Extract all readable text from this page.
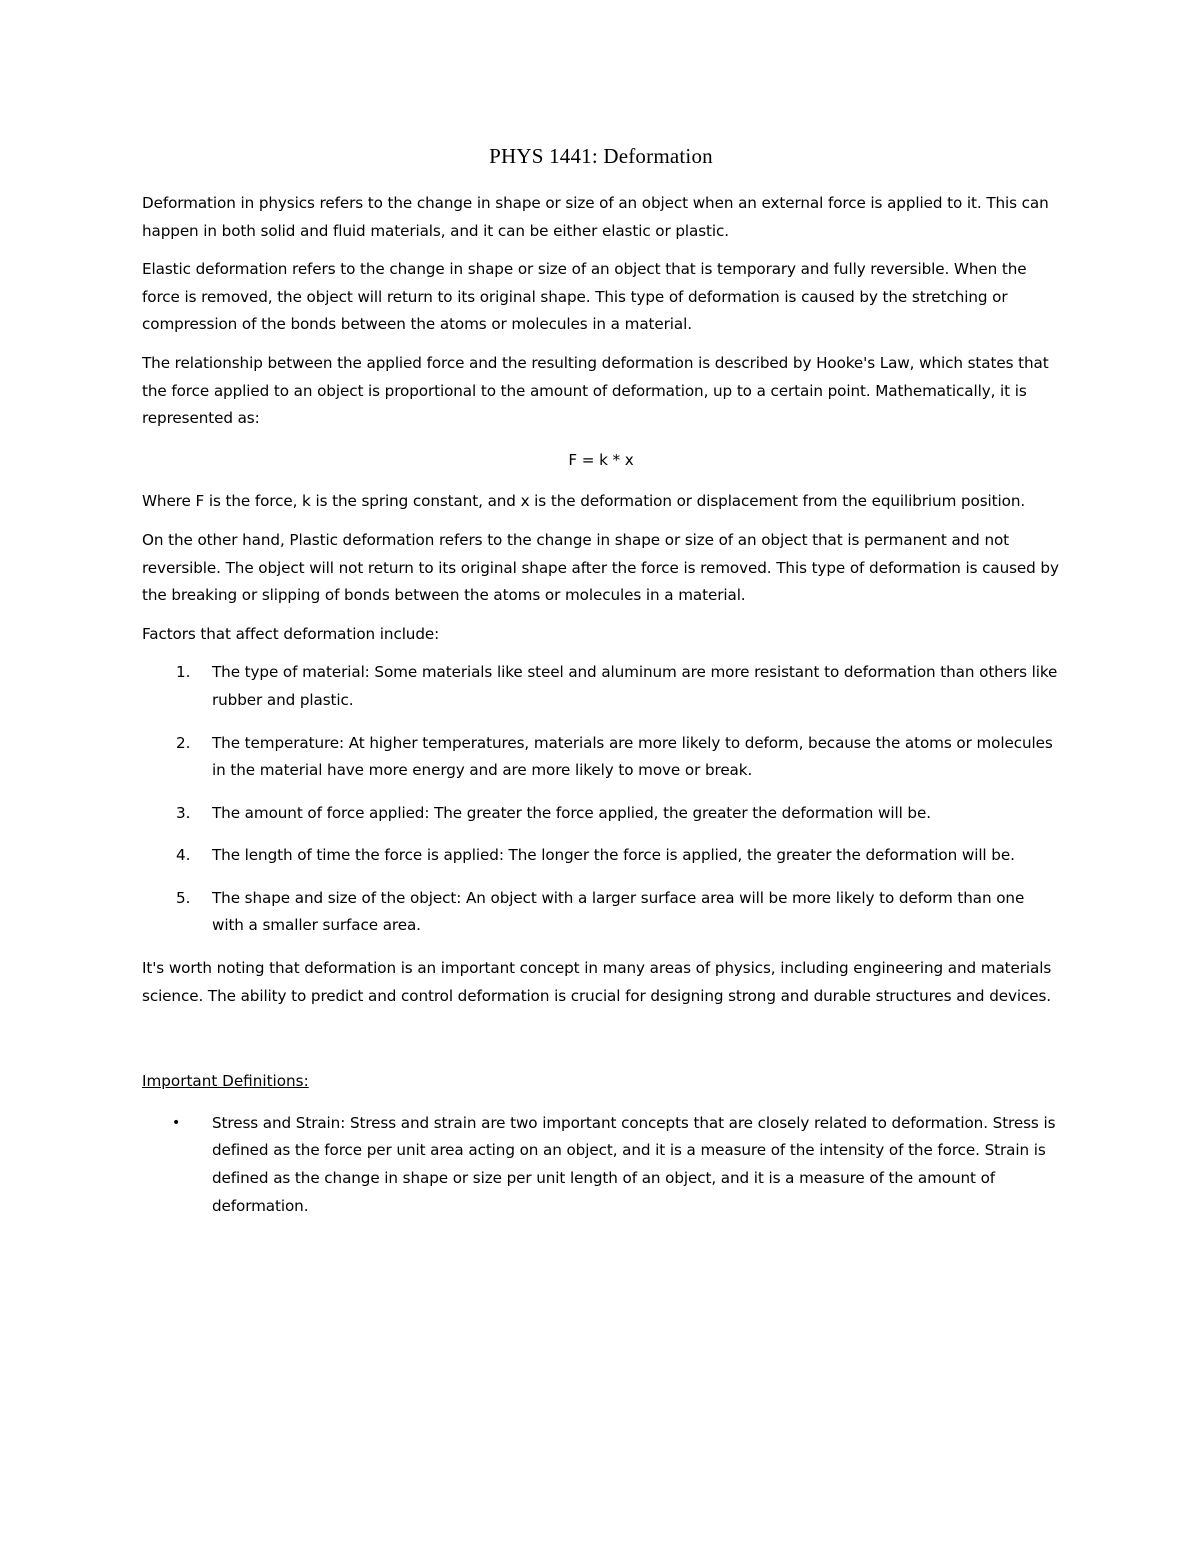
PHYS 1441: Deformation

Deformation in physics refers to the change in shape or size of an object when an external force is applied to it. This can happen in both solid and fluid materials, and it can be either elastic or plastic.

Elastic deformation refers to the change in shape or size of an object that is temporary and fully reversible. When the force is removed, the object will return to its original shape. This type of deformation is caused by the stretching or compression of the bonds between the atoms or molecules in a material.

The relationship between the applied force and the resulting deformation is described by Hooke's Law, which states that the force applied to an object is proportional to the amount of deformation, up to a certain point. Mathematically, it is represented as:

F = k * x

Where F is the force, k is the spring constant, and x is the deformation or displacement from the equilibrium position.

On the other hand, Plastic deformation refers to the change in shape or size of an object that is permanent and not reversible. The object will not return to its original shape after the force is removed. This type of deformation is caused by the breaking or slipping of bonds between the atoms or molecules in a material.

Factors that affect deformation include:

1. The type of material: Some materials like steel and aluminum are more resistant to deformation than others like rubber and plastic.
2. The temperature: At higher temperatures, materials are more likely to deform, because the atoms or molecules in the material have more energy and are more likely to move or break.
3. The amount of force applied: The greater the force applied, the greater the deformation will be.
4. The length of time the force is applied: The longer the force is applied, the greater the deformation will be.
5. The shape and size of the object: An object with a larger surface area will be more likely to deform than one with a smaller surface area.

It's worth noting that deformation is an important concept in many areas of physics, including engineering and materials science. The ability to predict and control deformation is crucial for designing strong and durable structures and devices.

Important Definitions:
• Stress and Strain: Stress and strain are two important concepts that are closely related to deformation. Stress is defined as the force per unit area acting on an object, and it is a measure of the intensity of the force. Strain is defined as the change in shape or size per unit length of an object, and it is a measure of the amount of deformation.
